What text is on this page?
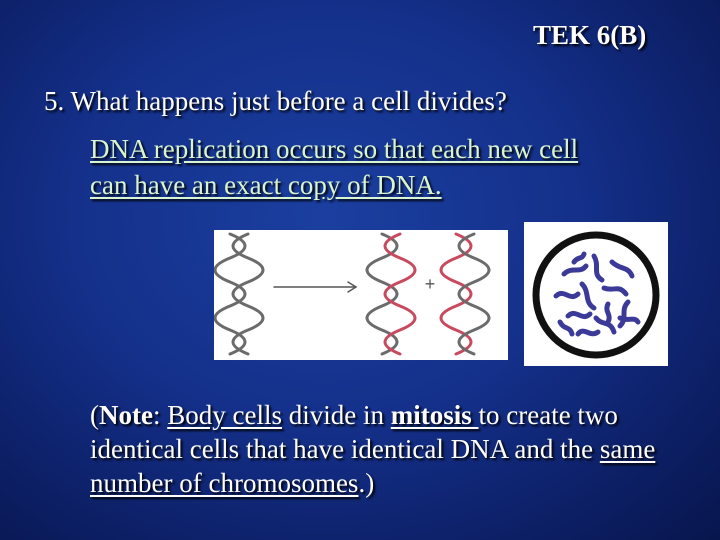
TEK 6(B)
5. What happens just before a cell divides?
DNA replication occurs so that each new cell
can have an exact copy of DNA.
+
(Note: Body cells divide in mitosis to create two identical cells that have identical DNA and the same number of chromosomes.)
